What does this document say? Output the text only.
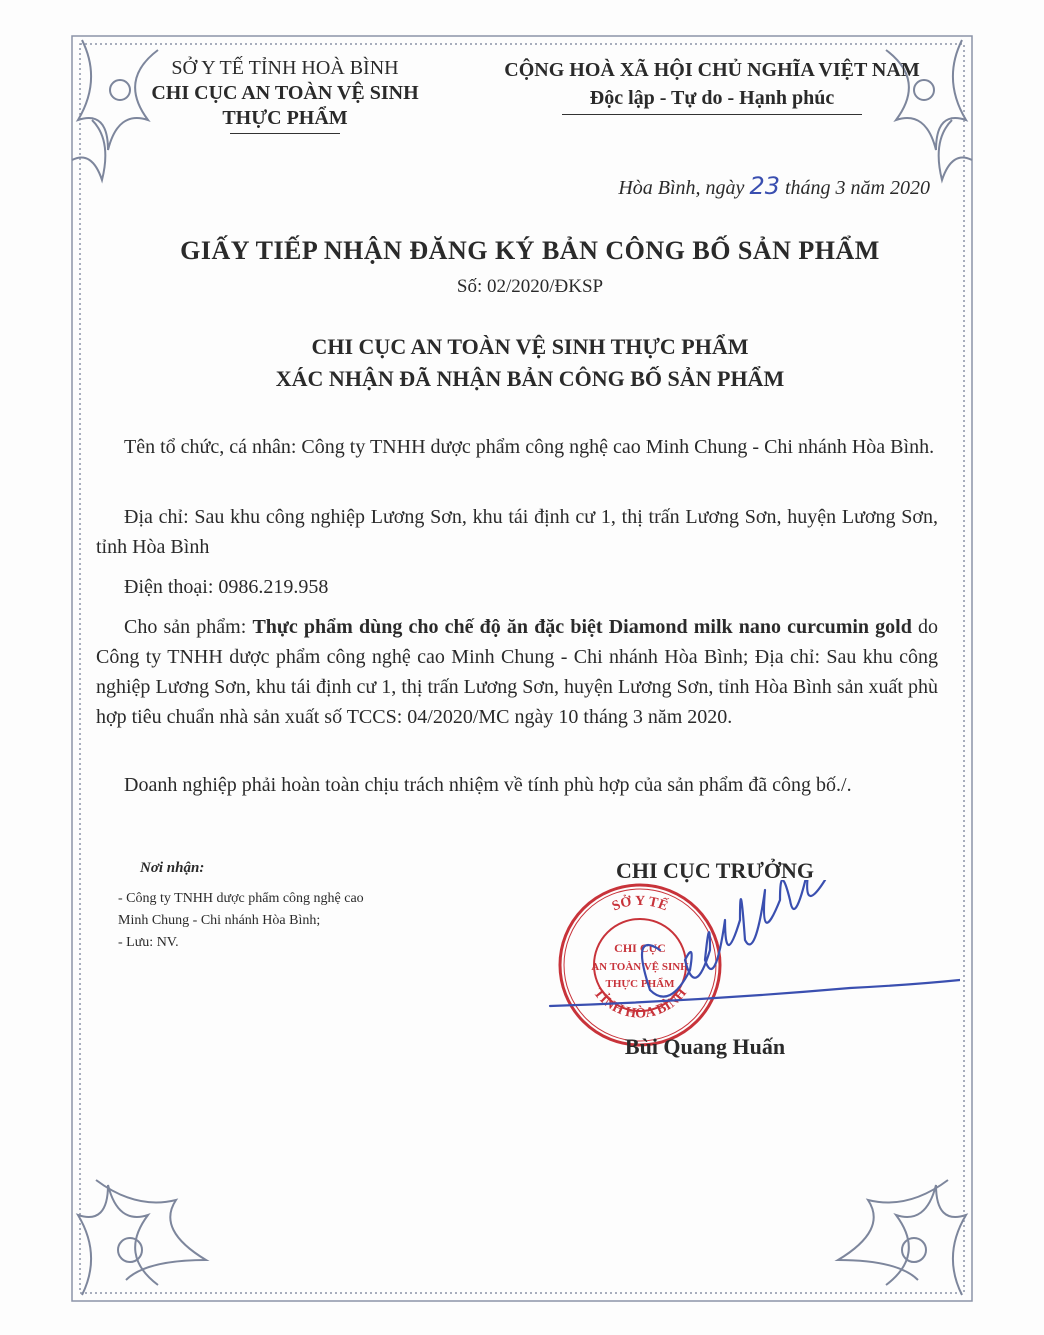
SỞ Y TẾ TỈNH HOÀ BÌNH
CHI CỤC AN TOÀN VỆ SINH
THỰC PHẨM
CỘNG HOÀ XÃ HỘI CHỦ NGHĨA VIỆT NAM
Độc lập - Tự do - Hạnh phúc
Hòa Bình, ngày 23 tháng 3 năm 2020
GIẤY TIẾP NHẬN ĐĂNG KÝ BẢN CÔNG BỐ SẢN PHẨM
Số: 02/2020/ĐKSP
CHI CỤC AN TOÀN VỆ SINH THỰC PHẨM
XÁC NHẬN ĐÃ NHẬN BẢN CÔNG BỐ SẢN PHẨM
Tên tổ chức, cá nhân: Công ty TNHH dược phẩm công nghệ cao Minh Chung - Chi nhánh Hòa Bình.
Địa chỉ: Sau khu công nghiệp Lương Sơn, khu tái định cư 1, thị trấn Lương Sơn, huyện Lương Sơn, tỉnh Hòa Bình
Điện thoại: 0986.219.958
Cho sản phẩm: Thực phẩm dùng cho chế độ ăn đặc biệt Diamond milk nano curcumin gold do Công ty TNHH dược phẩm công nghệ cao Minh Chung - Chi nhánh Hòa Bình; Địa chỉ: Sau khu công nghiệp Lương Sơn, khu tái định cư 1, thị trấn Lương Sơn, huyện Lương Sơn, tỉnh Hòa Bình sản xuất phù hợp tiêu chuẩn nhà sản xuất số TCCS: 04/2020/MC ngày 10 tháng 3 năm 2020.
Doanh nghiệp phải hoàn toàn chịu trách nhiệm về tính phù hợp của sản phẩm đã công bố./.
Nơi nhận:
- Công ty TNHH dược phẩm công nghệ cao
Minh Chung - Chi nhánh Hòa Bình;
- Lưu: NV.
CHI CỤC TRƯỞNG
SỞ Y TẾ
TỈNH HÒA BÌNH
CHI CỤC
AN TOÀN VỆ SINH
THỰC PHẨM
Bùi Quang Huấn
